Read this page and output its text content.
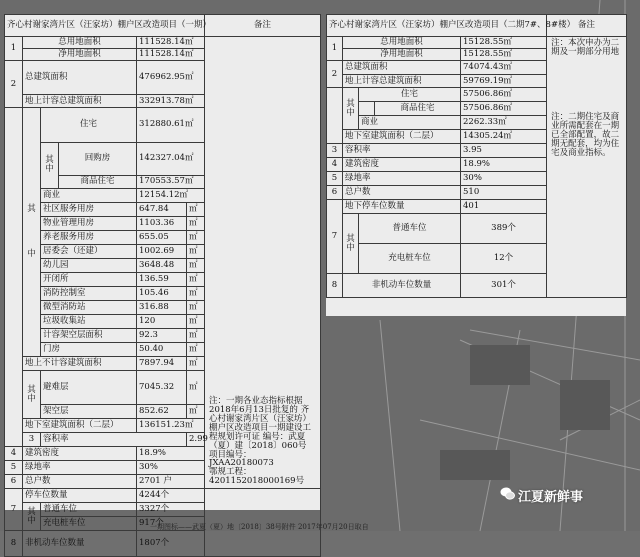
齐心村谢家湾片区（汪家坊）棚户区改造项目（一期）						备注
1	总用地面积			111528.14㎡		注：一期各业态指标根据2018年6月13日批复的 齐心村谢家湾片区（汪家坊）棚户区改造项目一期建设工程规划许可证 编号：武夏（夏）建〔2018〕060号
项目编号：JXAA20180073
鄂规工程：4201152018000169号

	净用地面积			111528.14㎡		
2	总建筑面积			476962.95㎡		
	地上计容总建筑面积			332913.78㎡		
	其

中	住宅		312880.61㎡		
		其
中	回购房	142327.04㎡		
			商品住宅	170553.57㎡		
		商业		12154.12㎡		
		社区服务用房		647.84	㎡	
		物业管理用房		1103.36	㎡	
		养老服务用房		655.05	㎡	
		居委会（还建）		1002.69	㎡	
		幼儿园		3648.48	㎡	
		开闭所		136.59	㎡	
		消防控制室		105.46	㎡	
		微型消防站		316.88	㎡	
		垃圾收集站		120	㎡	
		计容架空层面积		92.3	㎡	
		门房		50.40	㎡	
	地上不计容建筑面积			7897.94	㎡	
	其
中	避难层		7045.32	㎡	
		架空层		852.62	㎡	
	地下室建筑面积（二层）			136151.23㎡		
	3	容积率			2.99	
4	建筑密度			18.9%		
5	绿地率			30%		
6	总户数			2701 户		
7	停车位数量			4244个		
	其
中	普通车位		3327个		
		充电桩车位		917个		
8	非机动车位数量			1807个		
齐心村谢家湾片区（汪家坊）棚户区改造项目（二期7#、8#楼）					备注
1	总用地面积			15128.55㎡	注：本次申办为二期及一期部分用地
注：二期住宅及商业所需配套在一期已全部配置，故二期无配套，均为住宅及商业指标。

	净用地面积			15128.55㎡	
2	总建筑面积			74074.43㎡	
	地上计容总建筑面积			59769.19㎡	
	其
中	住宅		57506.86㎡	
			商品住宅	57506.86㎡	
		商业		2262.33㎡	
	地下室建筑面积（二层）			14305.24㎡	
3	容积率			3.95	
4	建筑密度			18.9%	
5	绿地率			30%	
6	总户数			510	
7	地下停车位数量			401	
	其
中	普通车位		389个	
		充电桩车位		12个	
8	非机动车位数量			301个	
一期图标——武夏（夏）地〔2018〕38号附件 2017年07月20日取自
江夏新鲜事
